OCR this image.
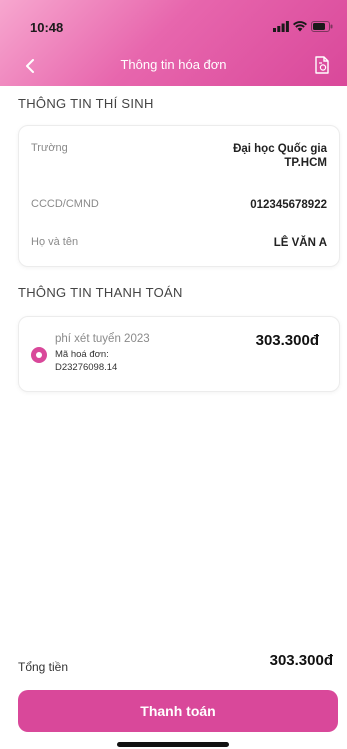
10:48
Thông tin hóa đơn
THÔNG TIN THÍ SINH
Trường	Đại học Quốc gia
TP.HCM
CCCD/CMND	012345678922
Họ và tên	LÊ VĂN A
THÔNG TIN THANH TOÁN
phí xét tuyển 2023
Mã hoá đơn:
D23276098.14
303.300đ
Tổng tiền	303.300đ
Thanh toán
